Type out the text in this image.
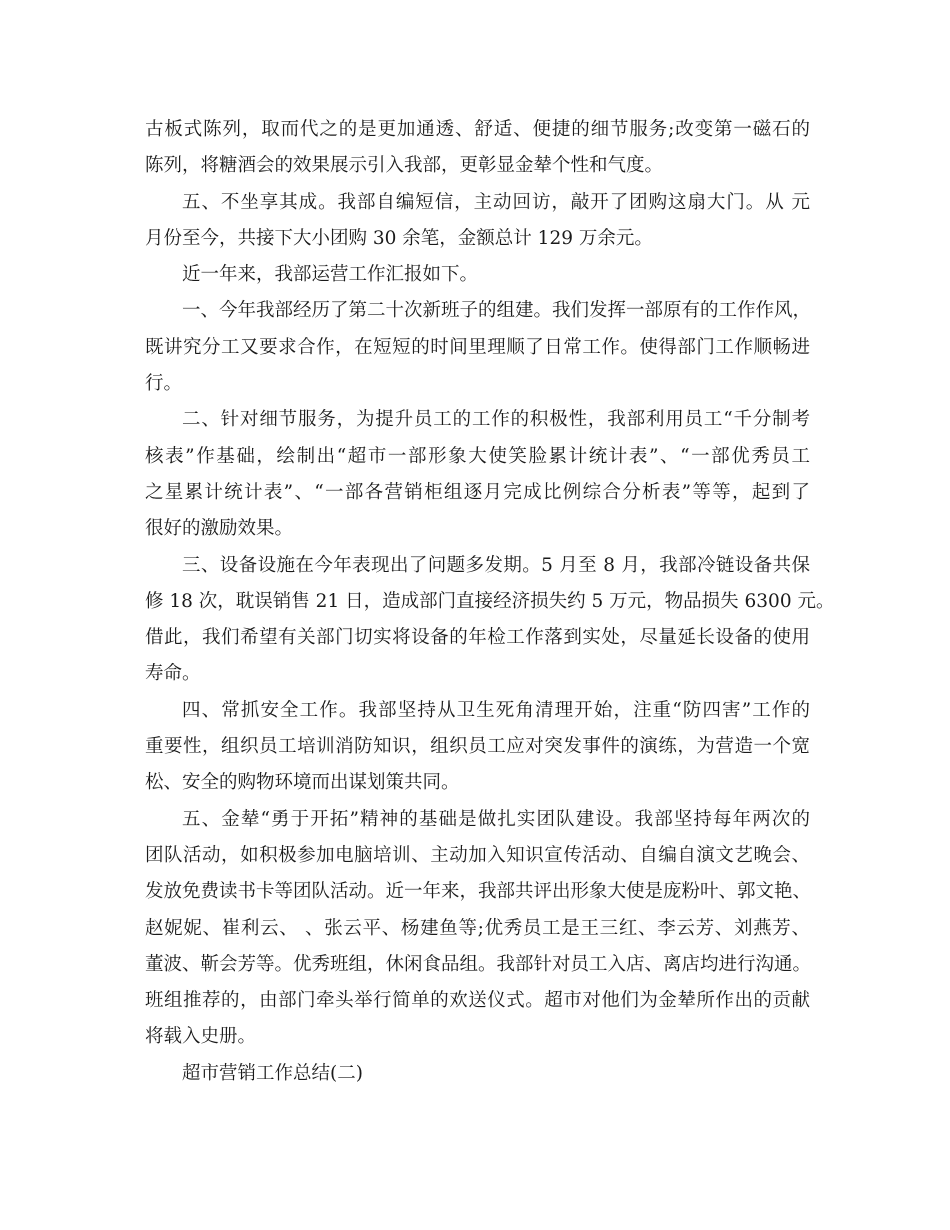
古板式陈列，取而代之的是更加通透、舒适、便捷的细节服务;改变第一磁石的
陈列，将糖酒会的效果展示引入我部，更彰显金辇个性和气度。

五、不坐享其成。我部自编短信，主动回访，敲开了团购这扇大门。从 元
月份至今，共接下大小团购 30 余笔，金额总计 129 万余元。

近一年来，我部运营工作汇报如下。

一、今年我部经历了第二十次新班子的组建。我们发挥一部原有的工作作风，
既讲究分工又要求合作，在短短的时间里理顺了日常工作。使得部门工作顺畅进
行。

二、针对细节服务，为提升员工的工作的积极性，我部利用员工“千分制考
核表”作基础，绘制出“超市一部形象大使笑脸累计统计表”、“一部优秀员工
之星累计统计表”、“一部各营销柜组逐月完成比例综合分析表”等等，起到了
很好的激励效果。

三、设备设施在今年表现出了问题多发期。5 月至 8 月，我部冷链设备共保
修 18 次，耽误销售 21 日，造成部门直接经济损失约 5 万元，物品损失 6300 元。
借此，我们希望有关部门切实将设备的年检工作落到实处，尽量延长设备的使用
寿命。

四、常抓安全工作。我部坚持从卫生死角清理开始，注重“防四害”工作的
重要性，组织员工培训消防知识，组织员工应对突发事件的演练，为营造一个宽
松、安全的购物环境而出谋划策共同。

五、金辇“勇于开拓”精神的基础是做扎实团队建设。我部坚持每年两次的
团队活动，如积极参加电脑培训、主动加入知识宣传活动、自编自演文艺晚会、
发放免费读书卡等团队活动。近一年来，我部共评出形象大使是庞粉叶、郭文艳、
赵妮妮、崔利云、 、张云平、杨建鱼等;优秀员工是王三红、李云芳、刘燕芳、
董波、靳会芳等。优秀班组，休闲食品组。我部针对员工入店、离店均进行沟通。
班组推荐的，由部门牵头举行简单的欢送仪式。超市对他们为金辇所作出的贡献
将载入史册。

超市营销工作总结(二)
